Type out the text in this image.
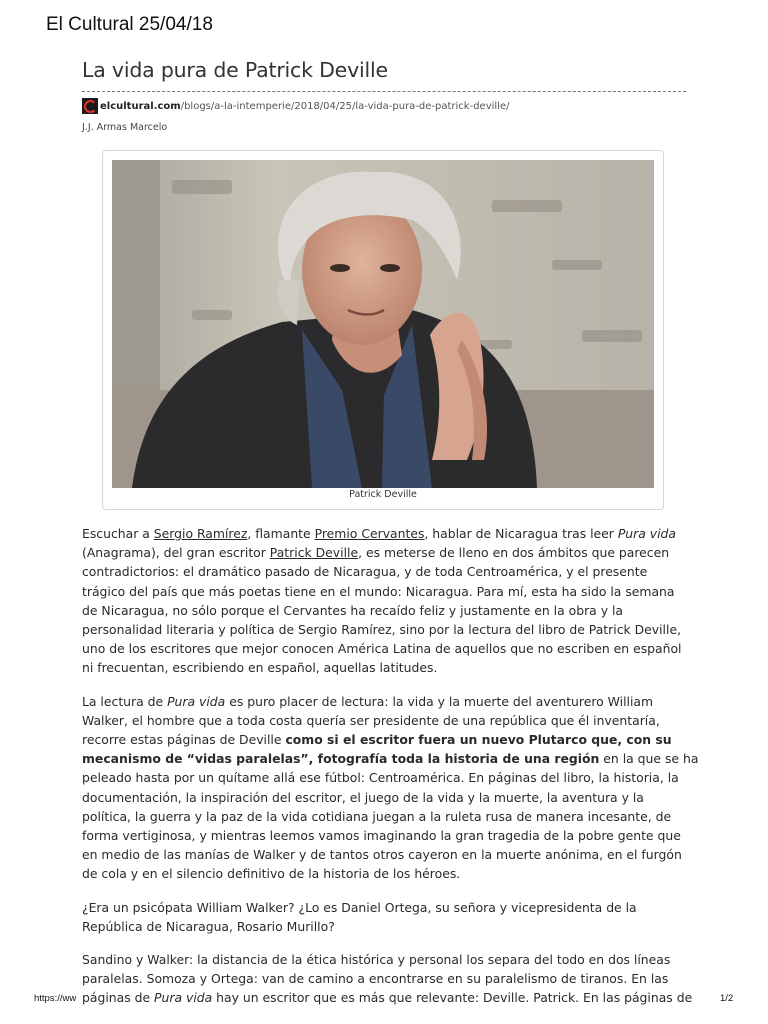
El Cultural 25/04/18
La vida pura de Patrick Deville
elcultural.com /blogs/a-la-intemperie/2018/04/25/la-vida-pura-de-patrick-deville/
J.J. Armas Marcelo
Patrick Deville

Escuchar a Sergio Ramírez, flamante Premio Cervantes, hablar de Nicaragua tras leer Pura vida
(Anagrama), del gran escritor Patrick Deville, es meterse de lleno en dos ámbitos que parecen
contradictorios: el dramático pasado de Nicaragua, y de toda Centroamérica, y el presente
trágico del país que más poetas tiene en el mundo: Nicaragua. Para mí, esta ha sido la semana
de Nicaragua, no sólo porque el Cervantes ha recaído feliz y justamente en la obra y la
personalidad literaria y política de Sergio Ramírez, sino por la lectura del libro de Patrick Deville,
uno de los escritores que mejor conocen América Latina de aquellos que no escriben en español
ni frecuentan, escribiendo en español, aquellas latitudes.

La lectura de Pura vida es puro placer de lectura: la vida y la muerte del aventurero William
Walker, el hombre que a toda costa quería ser presidente de una república que él inventaría,
recorre estas páginas de Deville como si el escritor fuera un nuevo Plutarco que, con su
mecanismo de “vidas paralelas”, fotografía toda la historia de una región en la que se ha
peleado hasta por un quítame allá ese fútbol: Centroamérica. En páginas del libro, la historia, la
documentación, la inspiración del escritor, el juego de la vida y la muerte, la aventura y la
política, la guerra y la paz de la vida cotidiana juegan a la ruleta rusa de manera incesante, de
forma vertiginosa, y mientras leemos vamos imaginando la gran tragedia de la pobre gente que
en medio de las manías de Walker y de tantos otros cayeron en la muerte anónima, en el furgón
de cola y en el silencio definitivo de la historia de los héroes.

¿Era un psicópata William Walker? ¿Lo es Daniel Ortega, su señora y vicepresidenta de la
República de Nicaragua, Rosario Murillo?

Sandino y Walker: la distancia de la ética histórica y personal los separa del todo en dos líneas
paralelas. Somoza y Ortega: van de camino a encontrarse en su paralelismo de tiranos. En las
páginas de Pura vida hay un escritor que es más que relevante: Deville. Patrick. En las páginas de

https://ww	1/2
